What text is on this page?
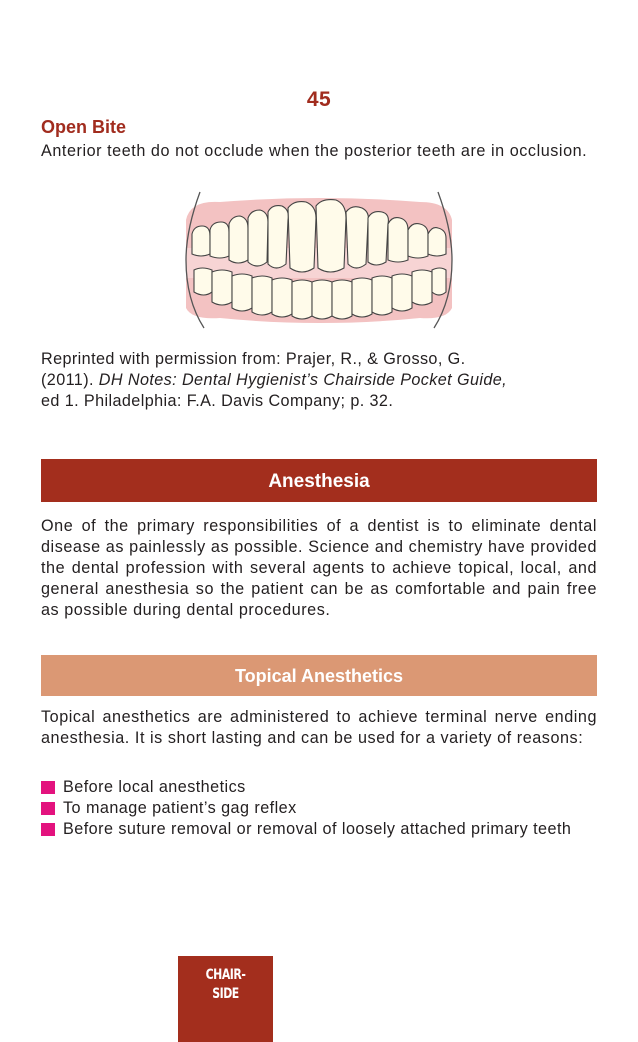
45
Open Bite
Anterior teeth do not occlude when the posterior teeth are in occlusion.
Reprinted with permission from: Prajer, R., & Grosso, G.
(2011). DH Notes: Dental Hygienist’s Chairside Pocket Guide,
ed 1. Philadelphia: F.A. Davis Company; p. 32.
Anesthesia
One of the primary responsibilities of a dentist is to eliminate dental disease as painlessly as possible. Science and chemistry have provided the dental profession with several agents to achieve topical, local, and general anesthesia so the patient can be as comfortable and pain free as possible during dental procedures.
Topical Anesthetics
Topical anesthetics are administered to achieve terminal nerve ending anesthesia. It is short lasting and can be used for a variety of reasons:
Before local anesthetics
To manage patient’s gag reflex
Before suture removal or removal of loosely attached primary teeth
CHAIR-
SIDE
